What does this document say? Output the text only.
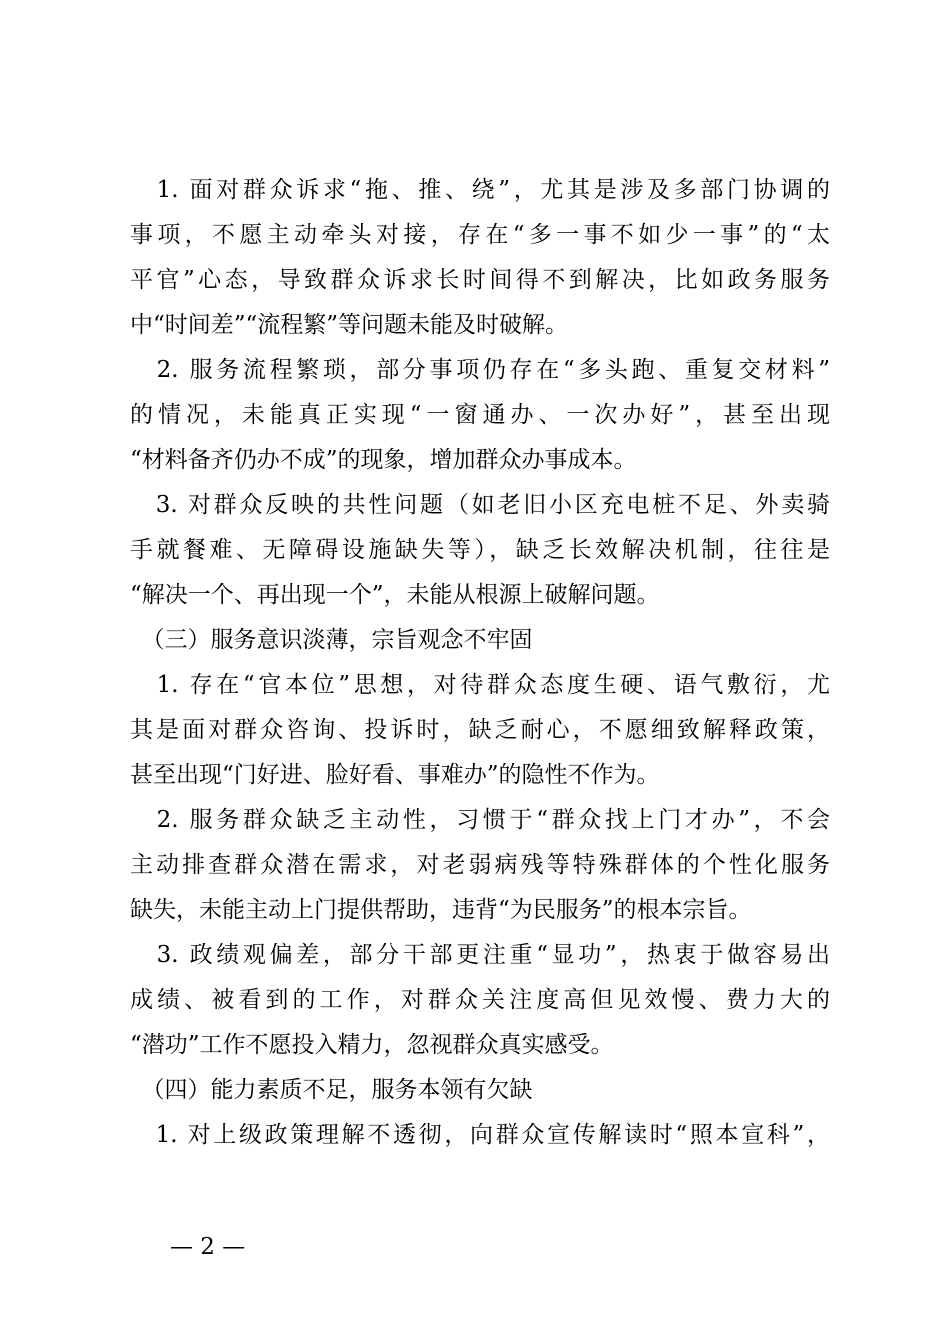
　1. 面对群众诉求“拖、推、绕”，尤其是涉及多部门协调的
事项，不愿主动牵头对接，存在“多一事不如少一事”的“太
平官”心态，导致群众诉求长时间得不到解决，比如政务服务
中“时间差”“流程繁”等问题未能及时破解。
　2. 服务流程繁琐，部分事项仍存在“多头跑、重复交材料”
的情况，未能真正实现“一窗通办、一次办好”，甚至出现
“材料备齐仍办不成”的现象，增加群众办事成本。
　3. 对群众反映的共性问题（如老旧小区充电桩不足、外卖骑
手就餐难、无障碍设施缺失等），缺乏长效解决机制，往往是
“解决一个、再出现一个”，未能从根源上破解问题。
　（三）服务意识淡薄，宗旨观念不牢固
　1. 存在“官本位”思想，对待群众态度生硬、语气敷衍，尤
其是面对群众咨询、投诉时，缺乏耐心，不愿细致解释政策，
甚至出现“门好进、脸好看、事难办”的隐性不作为。
　2. 服务群众缺乏主动性，习惯于“群众找上门才办”，不会
主动排查群众潜在需求，对老弱病残等特殊群体的个性化服务
缺失，未能主动上门提供帮助，违背“为民服务”的根本宗旨。
　3. 政绩观偏差，部分干部更注重“显功”，热衷于做容易出
成绩、被看到的工作，对群众关注度高但见效慢、费力大的
“潜功”工作不愿投入精力，忽视群众真实感受。
　（四）能力素质不足，服务本领有欠缺
　1. 对上级政策理解不透彻，向群众宣传解读时“照本宣科”，
— 2 —
